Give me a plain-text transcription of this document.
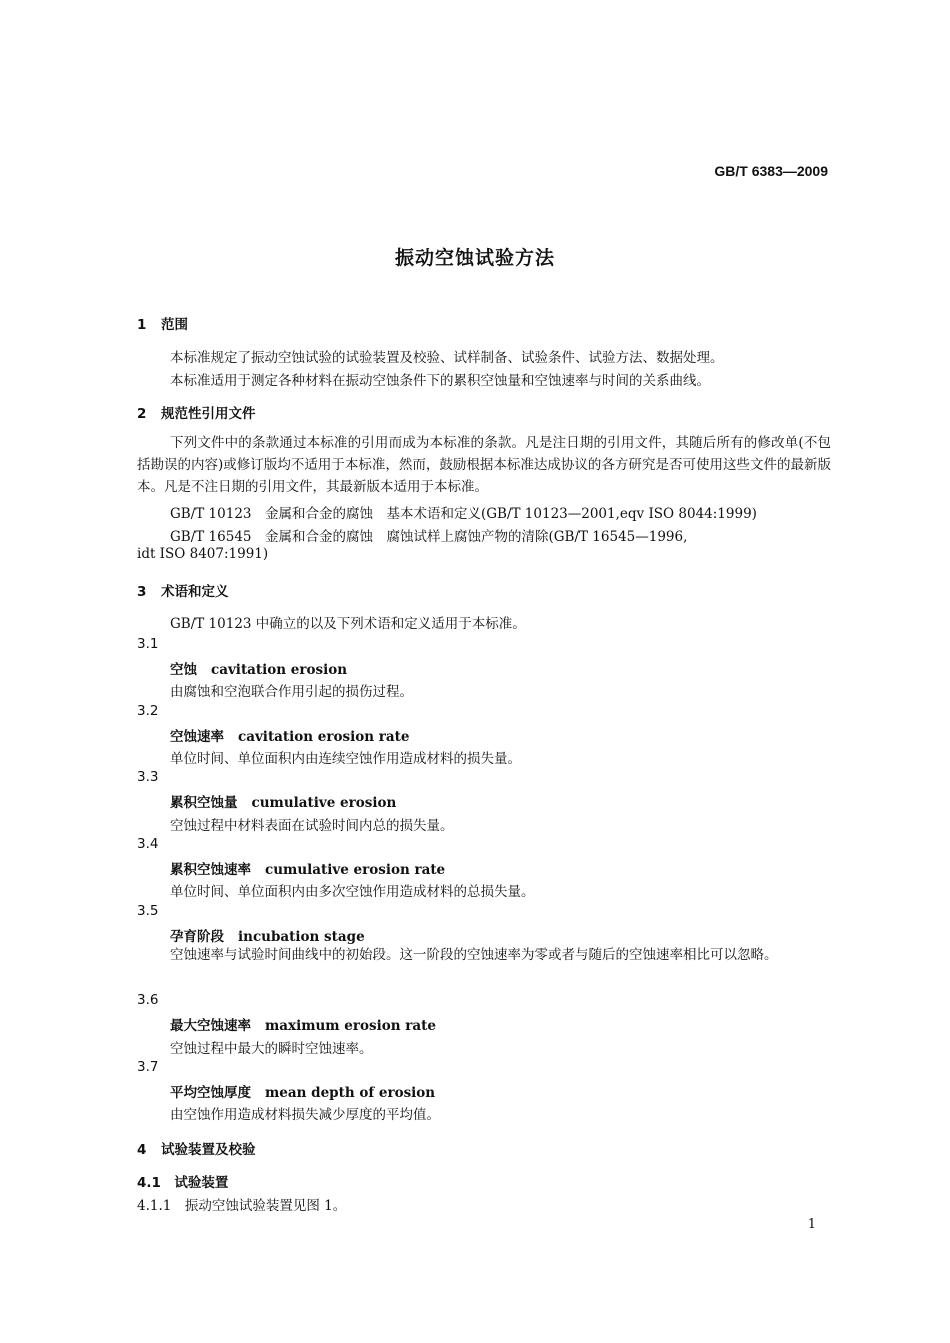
GB/T 6383—2009
振动空蚀试验方法
1 范围
本标准规定了振动空蚀试验的试验装置及校验、试样制备、试验条件、试验方法、数据处理。
本标准适用于测定各种材料在振动空蚀条件下的累积空蚀量和空蚀速率与时间的关系曲线。
2 规范性引用文件
下列文件中的条款通过本标准的引用而成为本标准的条款。凡是注日期的引用文件，其随后所有的修改单(不包括勘误的内容)或修订版均不适用于本标准，然而，鼓励根据本标准达成协议的各方研究是否可使用这些文件的最新版本。凡是不注日期的引用文件，其最新版本适用于本标准。
GB/T 10123　金属和合金的腐蚀　基本术语和定义(GB/T 10123—2001,eqv ISO 8044:1999)
GB/T 16545　金属和合金的腐蚀　腐蚀试样上腐蚀产物的清除(GB/T 16545—1996,
idt ISO 8407:1991)
3 术语和定义
GB/T 10123 中确立的以及下列术语和定义适用于本标准。
3.1
空蚀 cavitation erosion
由腐蚀和空泡联合作用引起的损伤过程。
3.2
空蚀速率 cavitation erosion rate
单位时间、单位面积内由连续空蚀作用造成材料的损失量。
3.3
累积空蚀量 cumulative erosion
空蚀过程中材料表面在试验时间内总的损失量。
3.4
累积空蚀速率 cumulative erosion rate
单位时间、单位面积内由多次空蚀作用造成材料的总损失量。
3.5
孕育阶段 incubation stage
空蚀速率与试验时间曲线中的初始段。这一阶段的空蚀速率为零或者与随后的空蚀速率相比可以忽略。
3.6
最大空蚀速率 maximum erosion rate
空蚀过程中最大的瞬时空蚀速率。
3.7
平均空蚀厚度 mean depth of erosion
由空蚀作用造成材料损失减少厚度的平均值。
4 试验装置及校验
4.1　试验装置
4.1.1　振动空蚀试验装置见图 1。
1
